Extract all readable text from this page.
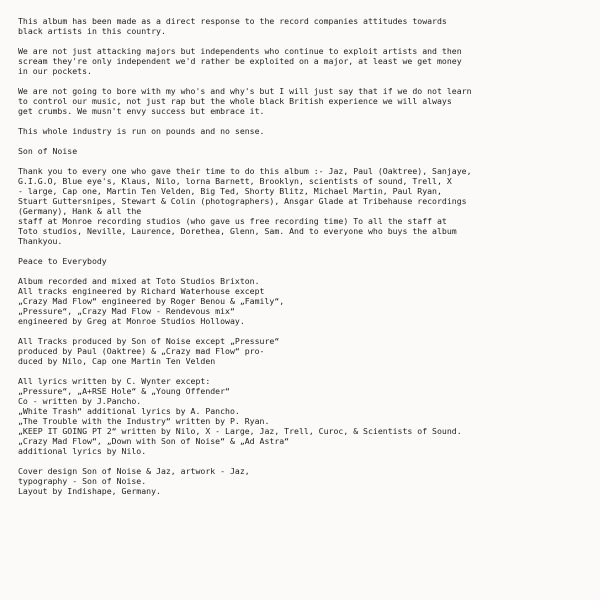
This album has been made as a direct response to the record companies attitudes towards
black artists in this country.
We are not just attacking majors but independents who continue to exploit artists and then
scream they're only independent we'd rather be exploited on a major, at least we get money
in our pockets.
We are not going to bore with my who's and why's but I will just say that if we do not learn
to control our music, not just rap but the whole black British experience we will always
get crumbs. We musn't envy success but embrace it.
This whole industry is run on pounds and no sense.
Son of Noise
Thank you to every one who gave their time to do this album :- Jaz, Paul (Oaktree), Sanjaye,
G.I.G.O, Blue eye's, Klaus, Nilo, lorna Barnett, Brooklyn, scientists of sound, Trell, X
- large, Cap one, Martin Ten Velden, Big Ted, Shorty Blitz, Michael Martin, Paul Ryan,
Stuart Guttersnipes, Stewart & Colin (photographers), Ansgar Glade at Tribehause recordings
(Germany), Hank & all the
staff at Monroe recording studios (who gave us free recording time) To all the staff at
Toto studios, Neville, Laurence, Dorethea, Glenn, Sam. And to everyone who buys the album
Thankyou.
Peace to Everybody
Album recorded and mixed at Toto Studios Brixton.
All tracks engineered by Richard Waterhouse except
„Crazy Mad Flow“ engineered by Roger Benou & „Family“,
„Pressure“, „Crazy Mad Flow - Rendevous mix“
engineered by Greg at Monroe Studios Holloway.
All Tracks produced by Son of Noise except „Pressure“
produced by Paul (Oaktree) & „Crazy mad Flow“ pro-
duced by Nilo, Cap one Martin Ten Velden
All lyrics written by C. Wynter except:
„Pressure“, „A+RSE Hole“ & „Young Offender“
Co - written by J.Pancho.
„White Trash“ additional lyrics by A. Pancho.
„The Trouble with the Industry“ written by P. Ryan.
„KEEP IT GOING PT 2“ written by Nilo, X - Large, Jaz, Trell, Curoc, & Scientists of Sound.
„Crazy Mad Flow“, „Down with Son of Noise“ & „Ad Astra“
additional lyrics by Nilo.
Cover design Son of Noise & Jaz, artwork - Jaz,
typography - Son of Noise.
Layout by Indishape, Germany.
